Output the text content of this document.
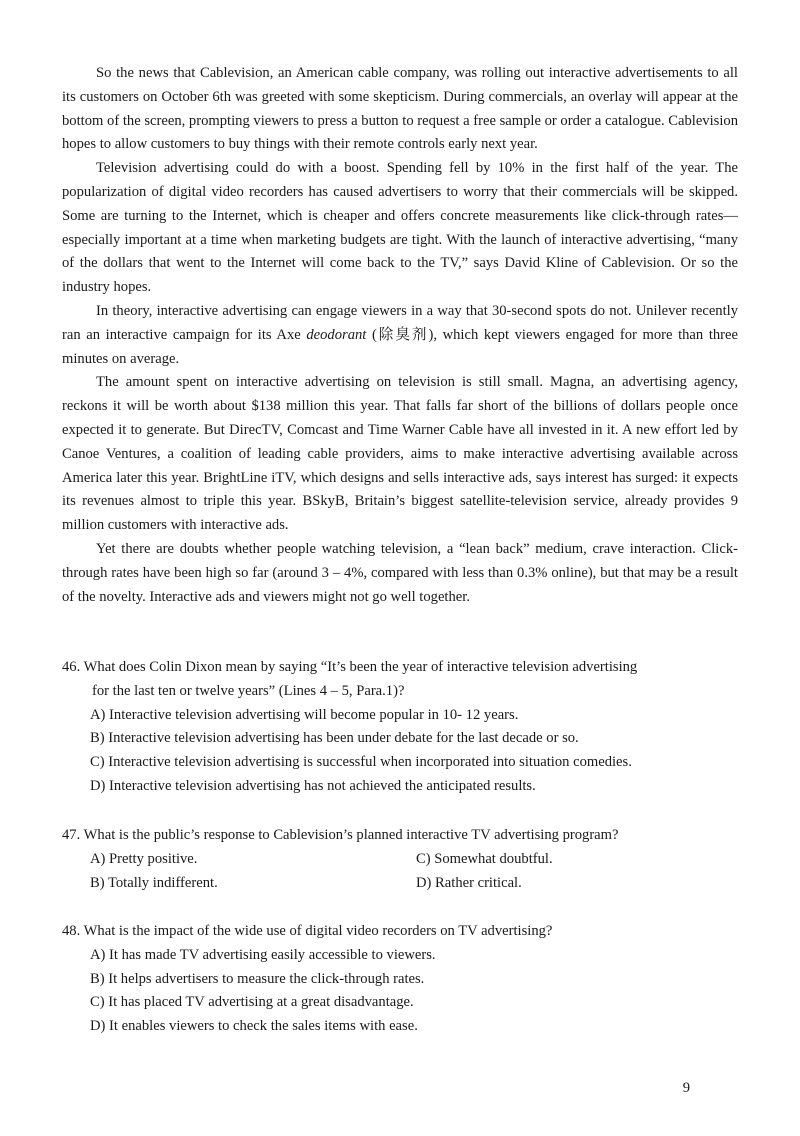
So the news that Cablevision, an American cable company, was rolling out interactive advertisements to all its customers on October 6th was greeted with some skepticism. During commercials, an overlay will appear at the bottom of the screen, prompting viewers to press a button to request a free sample or order a catalogue. Cablevision hopes to allow customers to buy things with their remote controls early next year.

Television advertising could do with a boost. Spending fell by 10% in the first half of the year. The popularization of digital video recorders has caused advertisers to worry that their commercials will be skipped. Some are turning to the Internet, which is cheaper and offers concrete measurements like click-through rates—especially important at a time when marketing budgets are tight. With the launch of interactive advertising, “many of the dollars that went to the Internet will come back to the TV,” says David Kline of Cablevision. Or so the industry hopes.

In theory, interactive advertising can engage viewers in a way that 30-second spots do not. Unilever recently ran an interactive campaign for its Axe deodorant (除臭剂), which kept viewers engaged for more than three minutes on average.

The amount spent on interactive advertising on television is still small. Magna, an advertising agency, reckons it will be worth about $138 million this year. That falls far short of the billions of dollars people once expected it to generate. But DirecTV, Comcast and Time Warner Cable have all invested in it. A new effort led by Canoe Ventures, a coalition of leading cable providers, aims to make interactive advertising available across America later this year. BrightLine iTV, which designs and sells interactive ads, says interest has surged: it expects its revenues almost to triple this year. BSkyB, Britain’s biggest satellite-television service, already provides 9 million customers with interactive ads.

Yet there are doubts whether people watching television, a “lean back” medium, crave interaction. Click-through rates have been high so far (around 3 – 4%, compared with less than 0.3% online), but that may be a result of the novelty. Interactive ads and viewers might not go well together.

46. What does Colin Dixon mean by saying “It’s been the year of interactive television advertising
for the last ten or twelve years” (Lines 4 – 5, Para.1)?
A) Interactive television advertising will become popular in 10- 12 years.
B) Interactive television advertising has been under debate for the last decade or so.
C) Interactive television advertising is successful when incorporated into situation comedies.
D) Interactive television advertising has not achieved the anticipated results.
47. What is the public’s response to Cablevision’s planned interactive TV advertising program?
A) Pretty positive.	C) Somewhat doubtful.
B) Totally indifferent.	D) Rather critical.
48. What is the impact of the wide use of digital video recorders on TV advertising?
A) It has made TV advertising easily accessible to viewers.
B) It helps advertisers to measure the click-through rates.
C) It has placed TV advertising at a great disadvantage.
D) It enables viewers to check the sales items with ease.
9
